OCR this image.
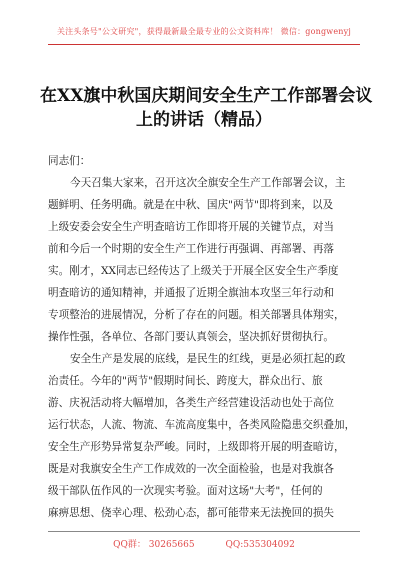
关注头条号"公文研究"，获得最新最全最专业的公文资料库！ 微信：gongwenyj
在XX旗中秋国庆期间安全生产工作部署会议
上的讲话（精品）
同志们：
今天召集大家来，召开这次全旗安全生产工作部署会议，主
题鲜明、任务明确。就是在中秋、国庆"两节"即将到来，以及
上级安委会安全生产明查暗访工作即将开展的关键节点，对当
前和今后一个时期的安全生产工作进行再强调、再部署、再落
实。刚才，XX同志已经传达了上级关于开展全区安全生产季度
明查暗访的通知精神，并通报了近期全旗油本攻坚三年行动和
专项整治的进展情况，分析了存在的问题。相关部署具体翔实，
操作性强，各单位、各部门要认真领会，坚决抓好贯彻执行。
安全生产是发展的底线，是民生的红线，更是必须扛起的政
治责任。今年的"两节"假期时间长、跨度大，群众出行、旅
游、庆祝活动将大幅增加，各类生产经营建设活动也处于高位
运行状态，人流、物流、车流高度集中，各类风险隐患交织叠加，
安全生产形势异常复杂严峻。同时，上级即将开展的明查暗访，
既是对我旗安全生产工作成效的一次全面检验，也是对我旗各
级干部队伍作风的一次现实考验。面对这场"大考"，任何的
麻痹思想、侥幸心理、松劲心态，都可能带来无法挽回的损失
QQ群： 30265665	QQ:535304092
